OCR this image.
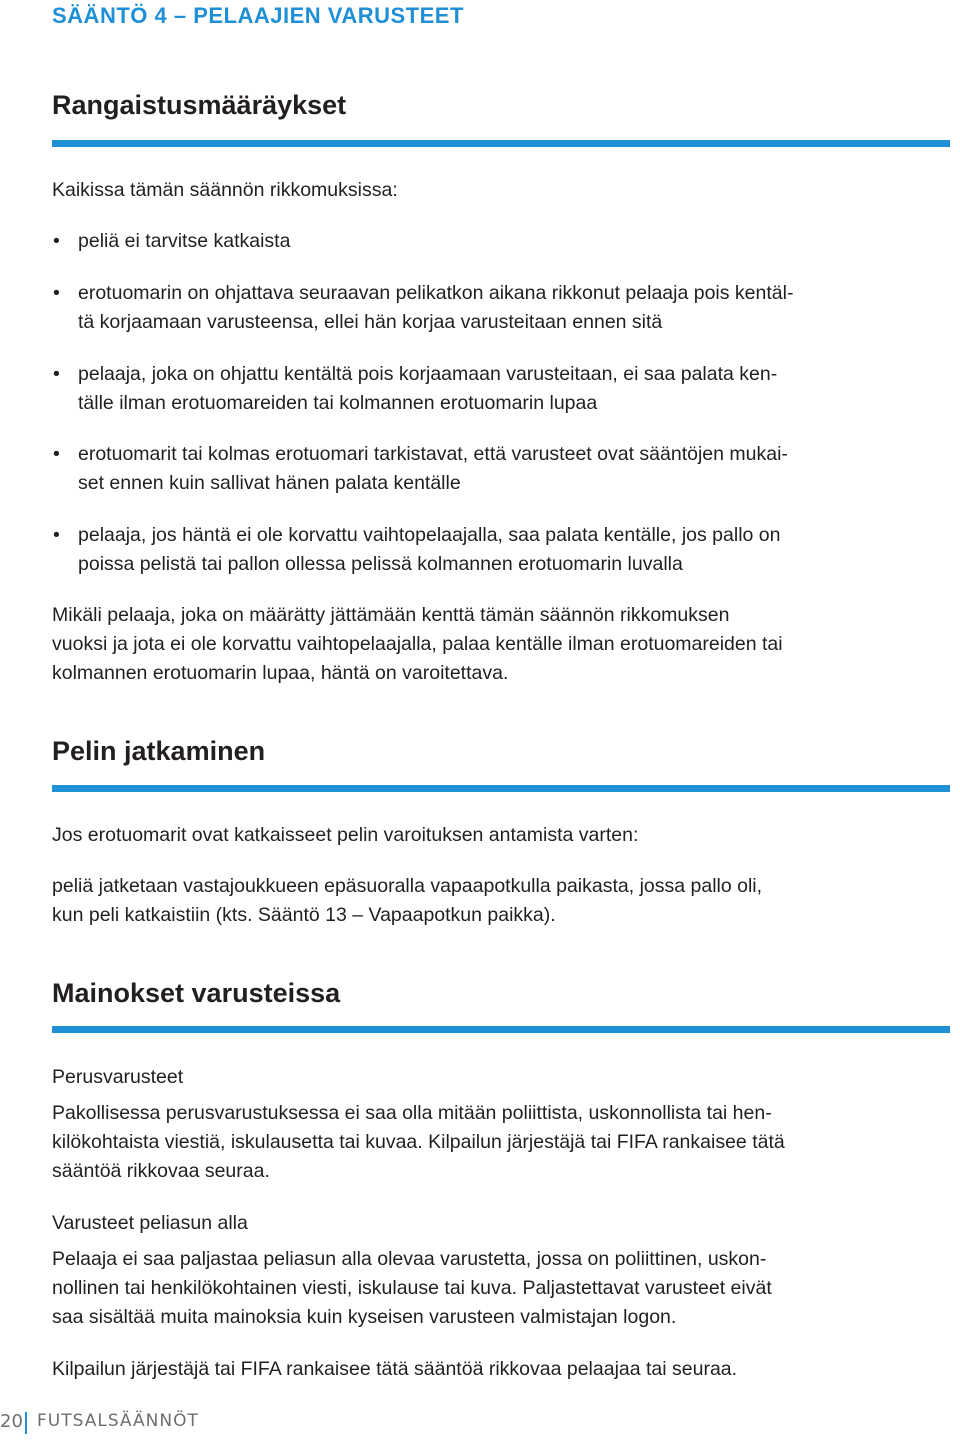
SÄÄNTÖ 4 – PELAAJIEN VARUSTEET
Rangaistusmääräykset

Kaikissa tämän säännön rikkomuksissa:

• peliä ei tarvitse katkaista

• erotuomarin on ohjattava seuraavan pelikatkon aikana rikkonut pelaaja pois kentäl-

tä korjaamaan varusteensa, ellei hän korjaa varusteitaan ennen sitä

• pelaaja, joka on ohjattu kentältä pois korjaamaan varusteitaan, ei saa palata ken-

tälle ilman erotuomareiden tai kolmannen erotuomarin lupaa

• erotuomarit tai kolmas erotuomari tarkistavat, että varusteet ovat sääntöjen mukai-

set ennen kuin sallivat hänen palata kentälle

• pelaaja, jos häntä ei ole korvattu vaihtopelaajalla, saa palata kentälle, jos pallo on

poissa pelistä tai pallon ollessa pelissä kolmannen erotuomarin luvalla

Mikäli pelaaja, joka on määrätty jättämään kenttä tämän säännön rikkomuksen

vuoksi ja jota ei ole korvattu vaihtopelaajalla, palaa kentälle ilman erotuomareiden tai

kolmannen erotuomarin lupaa, häntä on varoitettava.

Pelin jatkaminen

Jos erotuomarit ovat katkaisseet pelin varoituksen antamista varten:

peliä jatketaan vastajoukkueen epäsuoralla vapaapotkulla paikasta, jossa pallo oli,

kun peli katkaistiin (kts. Sääntö 13 – Vapaapotkun paikka).

Mainokset varusteissa

Perusvarusteet

Pakollisessa perusvarustuksessa ei saa olla mitään poliittista, uskonnollista tai hen-

kilökohtaista viestiä, iskulausetta tai kuvaa. Kilpailun järjestäjä tai FIFA rankaisee tätä

sääntöä rikkovaa seuraa.

Varusteet peliasun alla

Pelaaja ei saa paljastaa peliasun alla olevaa varustetta, jossa on poliittinen, uskon-

nollinen tai henkilökohtainen viesti, iskulause tai kuva. Paljastettavat varusteet eivät

saa sisältää muita mainoksia kuin kyseisen varusteen valmistajan logon.

Kilpailun järjestäjä tai FIFA rankaisee tätä sääntöä rikkovaa pelaajaa tai seuraa.

20 FUTSALSÄÄNNÖT
